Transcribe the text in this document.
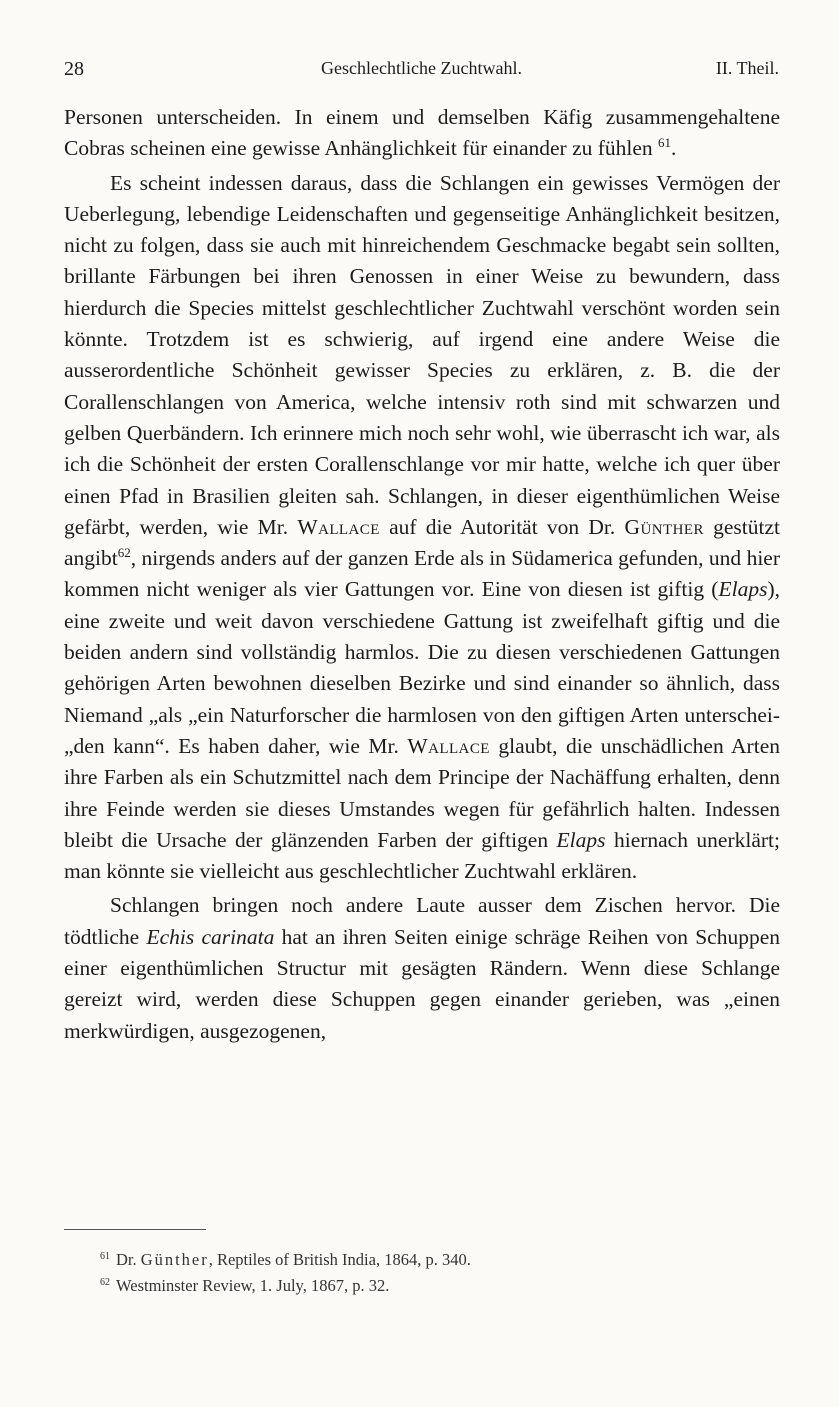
28	Geschlechtliche Zuchtwahl.	II. Theil.

Personen unterscheiden. In einem und demselben Käfig zusammengehaltene Cobras scheinen eine gewisse Anhänglichkeit für einander zu fühlen $^{61}$.

Es scheint indessen daraus, dass die Schlangen ein gewisses Vermögen der Ueberlegung, lebendige Leidenschaften und gegenseitige Anhänglichkeit besitzen, nicht zu folgen, dass sie auch mit hinreichendem Geschmacke begabt sein sollten, brillante Färbungen bei ihren Genossen in einer Weise zu bewundern, dass hierdurch die Species mittelst geschlechtlicher Zuchtwahl verschönt worden sein könnte. Trotzdem ist es schwierig, auf irgend eine andere Weise die ausserordentliche Schönheit gewisser Species zu erklären, z. B. die der Corallenschlangen von America, welche intensiv roth sind mit schwarzen und gelben Querbändern. Ich erinnere mich noch sehr wohl, wie überrascht ich war, als ich die Schönheit der ersten Corallenschlange vor mir hatte, welche ich quer über einen Pfad in Brasilien gleiten sah. Schlangen, in dieser eigenthümlichen Weise gefärbt, werden, wie Mr. Wallace auf die Autorität von Dr. Günther gestützt angibt$^{62}$, nirgends anders auf der ganzen Erde als in Südamerica gefunden, und hier kommen nicht weniger als vier Gattungen vor. Eine von diesen ist giftig (Elaps), eine zweite und weit davon verschiedene Gattung ist zweifelhaft giftig und die beiden andern sind vollständig harmlos. Die zu diesen verschiedenen Gattungen gehörigen Arten bewohnen dieselben Bezirke und sind einander so ähnlich, dass Niemand „als „ein Naturforscher die harmlosen von den giftigen Arten unterschei- „den kann“. Es haben daher, wie Mr. Wallace glaubt, die unschädlichen Arten ihre Farben als ein Schutzmittel nach dem Principe der Nachäffung erhalten, denn ihre Feinde werden sie dieses Umstandes wegen für gefährlich halten. Indessen bleibt die Ursache der glänzenden Farben der giftigen Elaps hiernach unerklärt; man könnte sie vielleicht aus geschlechtlicher Zuchtwahl erklären.

Schlangen bringen noch andere Laute ausser dem Zischen hervor. Die tödtliche Echis carinata hat an ihren Seiten einige schräge Reihen von Schuppen einer eigenthümlichen Structur mit gesägten Rändern. Wenn diese Schlange gereizt wird, werden diese Schuppen gegen einander gerieben, was „einen merkwürdigen, ausgezogenen,

$^{61}$ Dr. Günther, Reptiles of British India, 1864, p. 340.

$^{62}$ Westminster Review, 1. July, 1867, p. 32.
